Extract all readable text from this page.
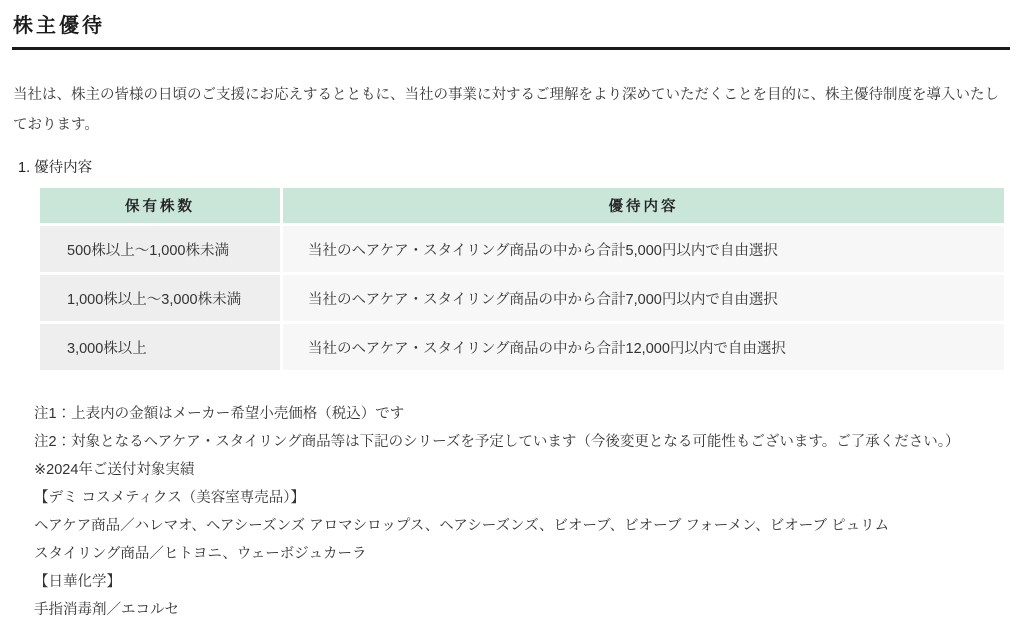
株主優待

当社は、株主の皆様の日頃のご支援にお応えするとともに、当社の事業に対するご理解をより深めていただくことを目的に、株主優待制度を導入いたしております。

1. 優待内容
保有株数	優待内容
500株以上〜1,000株未満	当社のヘアケア・スタイリング商品の中から合計5,000円以内で自由選択
1,000株以上〜3,000株未満	当社のヘアケア・スタイリング商品の中から合計7,000円以内で自由選択
3,000株以上	当社のヘアケア・スタイリング商品の中から合計12,000円以内で自由選択
注1：上表内の金額はメーカー希望小売価格（税込）です
注2：対象となるヘアケア・スタイリング商品等は下記のシリーズを予定しています（今後変更となる可能性もございます。ご了承ください。）
※2024年ご送付対象実績
【デミ コスメティクス（美容室専売品）】
ヘアケア商品／ハレマオ、ヘアシーズンズ アロマシロップス、ヘアシーズンズ、ビオーブ、ビオーブ フォーメン、ビオーブ ピュリム
スタイリング商品／ヒトヨニ、ウェーボジュカーラ
【日華化学】
手指消毒剤／エコルセ
